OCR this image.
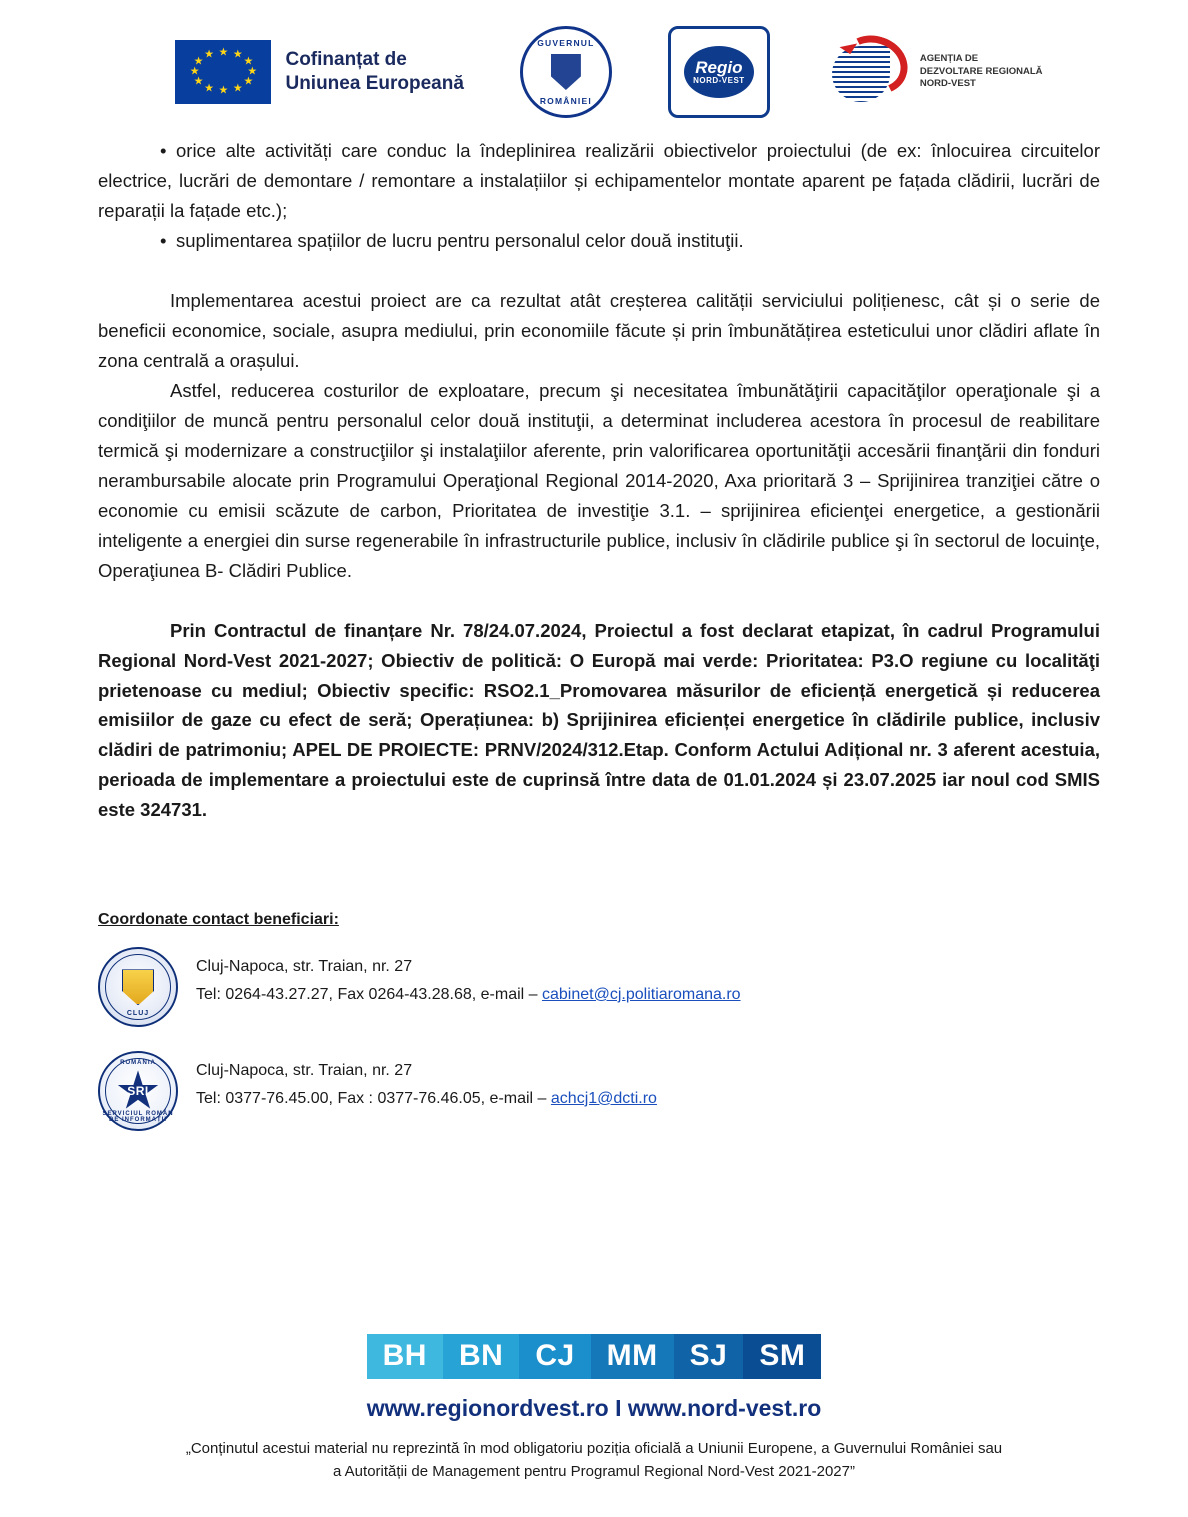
★ ★
★
★
★
★
★
★
★
★
★
★	Cofinanțat de
Uniunea Europeană
GUVERNUL
ROMÂNIEI
Regio
NORD-VEST
AGENȚIA DE
DEZVOLTARE REGIONALĂ
NORD-VEST
• orice alte activități care conduc la îndeplinirea realizării obiectivelor proiectului (de ex: înlocuirea circuitelor electrice, lucrări de demontare / remontare a instalațiilor și echipamentelor montate aparent pe fațada clădirii, lucrări de reparații la fațade etc.);
• suplimentarea spațiilor de lucru pentru personalul celor două instituţii.

Implementarea acestui proiect are ca rezultat atât creșterea calității serviciului polițienesc, cât și o serie de beneficii economice, sociale, asupra mediului, prin economiile făcute și prin îmbunătățirea esteticului unor clădiri aflate în zona centrală a orașului.

Astfel, reducerea costurilor de exploatare, precum şi necesitatea îmbunătăţirii capacităţilor operaţionale şi a condiţiilor de muncă pentru personalul celor două instituţii, a determinat includerea acestora în procesul de reabilitare termică şi modernizare a construcţiilor şi instalaţiilor aferente, prin valorificarea oportunităţii accesării finanţării din fonduri nerambursabile alocate prin Programului Operaţional Regional 2014-2020, Axa prioritară 3 – Sprijinirea tranziţiei către o economie cu emisii scăzute de carbon, Prioritatea de investiţie 3.1. – sprijinirea eficienţei energetice, a gestionării inteligente a energiei din surse regenerabile în infrastructurile publice, inclusiv în clădirile publice şi în sectorul de locuinţe, Operaţiunea B- Clădiri Publice.

Prin Contractul de finanțare Nr. 78/24.07.2024, Proiectul a fost declarat etapizat, în cadrul Programului Regional Nord-Vest 2021-2027; Obiectiv de politică: O Europă mai verde: Prioritatea: P3.O regiune cu localităţi prietenoase cu mediul; Obiectiv specific: RSO2.1_Promovarea măsurilor de eficiență energetică și reducerea emisiilor de gaze cu efect de seră; Operațiunea: b) Sprijinirea eficienței energetice în clădirile publice, inclusiv clădiri de patrimoniu; APEL DE PROIECTE: PRNV/2024/312.Etap. Conform Actului Adițional nr. 3 aferent acestuia, perioada de implementare a proiectului este de cuprinsă între data de 01.01.2024 și 23.07.2025 iar noul cod SMIS este 324731.

Coordonate contact beneficiari:
CLUJ
Cluj-Napoca, str. Traian, nr. 27
Tel: 0264-43.27.27, Fax 0264-43.28.68, e-mail – cabinet@cj.politiaromana.ro
ROMÂNIA
SRI
SERVICIUL ROMÂN DE INFORMAȚII
Cluj-Napoca, str. Traian, nr. 27
Tel: 0377-76.45.00, Fax : 0377-76.46.05, e-mail – achcj1@dcti.ro
BH	BN	CJ	MM	SJ	SM
www.regionordvest.ro I www.nord-vest.ro
„Conținutul acestui material nu reprezintă în mod obligatoriu poziția oficială a Uniunii Europene, a Guvernului României sau
a Autorității de Management pentru Programul Regional Nord-Vest 2021-2027”
